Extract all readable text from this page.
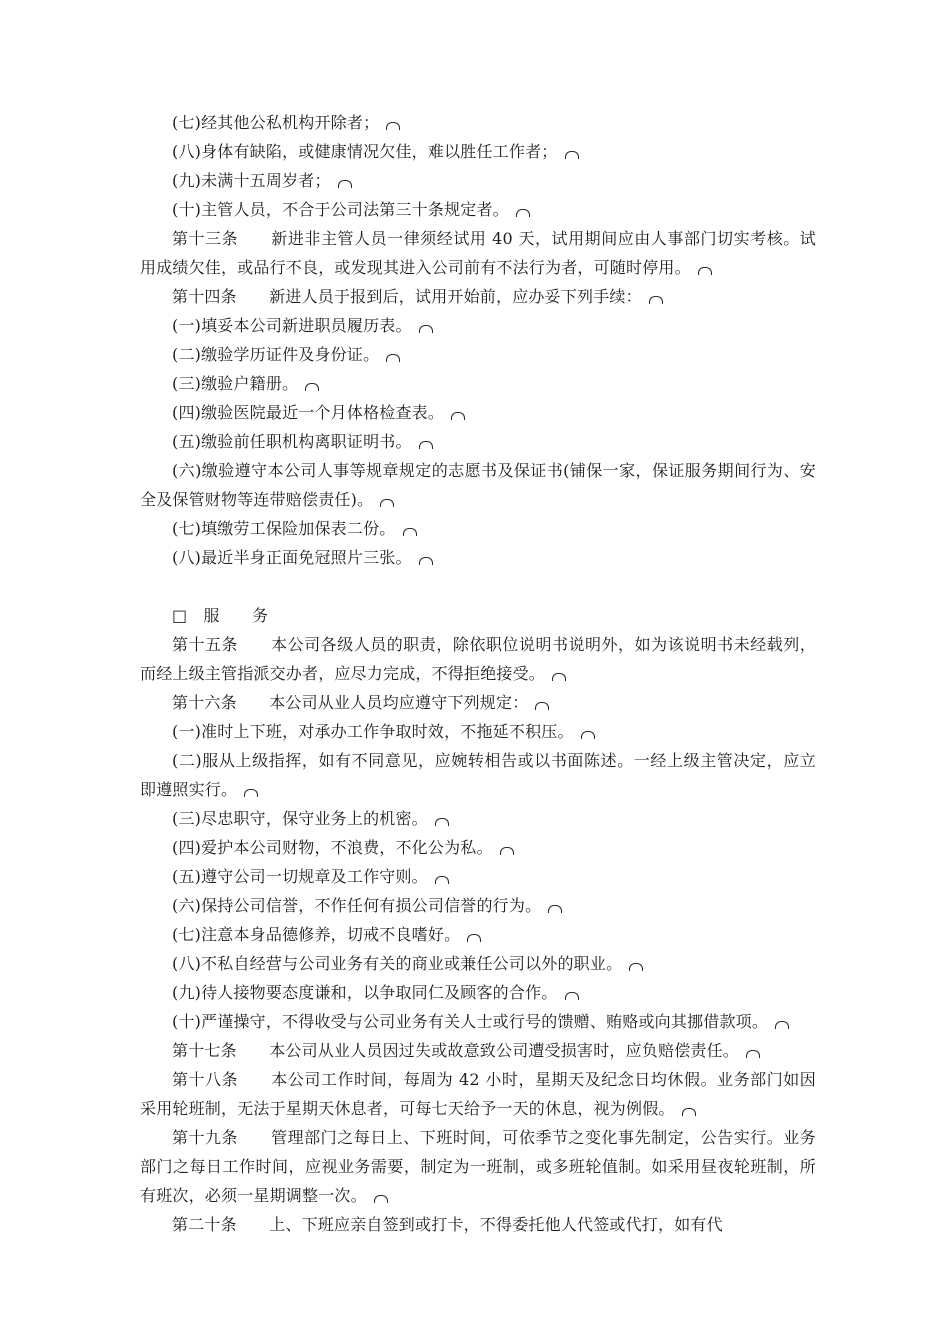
(七)经其他公私机构开除者；

(八)身体有缺陷，或健康情况欠佳，难以胜任工作者；

(九)未满十五周岁者；

(十)主管人员，不合于公司法第三十条规定者。

第十三条　　新进非主管人员一律须经试用 40 天，试用期间应由人事部门切实考核。试用成绩欠佳，或品行不良，或发现其进入公司前有不法行为者，可随时停用。

第十四条　　新进人员于报到后，试用开始前，应办妥下列手续：

(一)填妥本公司新进职员履历表。

(二)缴验学历证件及身份证。

(三)缴验户籍册。

(四)缴验医院最近一个月体格检查表。

(五)缴验前任职机构离职证明书。

(六)缴验遵守本公司人事等规章规定的志愿书及保证书(铺保一家，保证服务期间行为、安全及保管财物等连带赔偿责任)。

(七)填缴劳工保险加保表二份。

(八)最近半身正面免冠照片三张。

□　服　　务

第十五条　　本公司各级人员的职责，除依职位说明书说明外，如为该说明书未经载列，而经上级主管指派交办者，应尽力完成，不得拒绝接受。

第十六条　　本公司从业人员均应遵守下列规定：

(一)准时上下班，对承办工作争取时效，不拖延不积压。

(二)服从上级指挥，如有不同意见，应婉转相告或以书面陈述。一经上级主管决定，应立即遵照实行。

(三)尽忠职守，保守业务上的机密。

(四)爱护本公司财物，不浪费，不化公为私。

(五)遵守公司一切规章及工作守则。

(六)保持公司信誉，不作任何有损公司信誉的行为。

(七)注意本身品德修养，切戒不良嗜好。

(八)不私自经营与公司业务有关的商业或兼任公司以外的职业。

(九)待人接物要态度谦和，以争取同仁及顾客的合作。

(十)严谨操守，不得收受与公司业务有关人士或行号的馈赠、贿赂或向其挪借款项。

第十七条　　本公司从业人员因过失或故意致公司遭受损害时，应负赔偿责任。

第十八条　　本公司工作时间，每周为 42 小时，星期天及纪念日均休假。业务部门如因采用轮班制，无法于星期天休息者，可每七天给予一天的休息，视为例假。

第十九条　　管理部门之每日上、下班时间，可依季节之变化事先制定，公告实行。业务部门之每日工作时间，应视业务需要，制定为一班制，或多班轮值制。如采用昼夜轮班制，所有班次，必须一星期调整一次。

第二十条　　上、下班应亲自签到或打卡，不得委托他人代签或代打，如有代
